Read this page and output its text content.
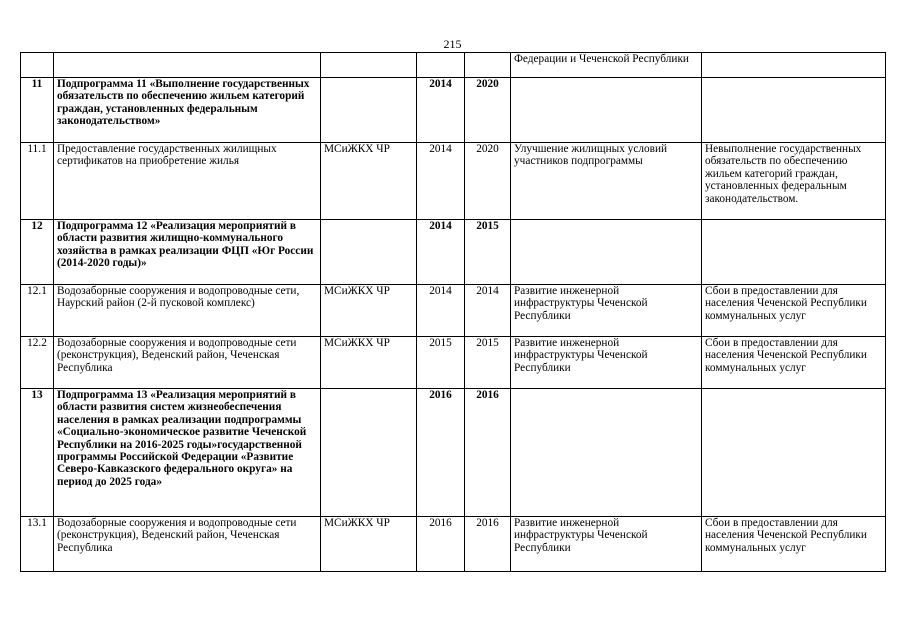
215
					Федерации и Чеченской Республики	
11	Подпрограмма 11 «Выполнение государственных обязательств по обеспечению жильем категорий граждан, установленных федеральным законодательством»		2014	2020		
11.1	Предоставление государственных жилищных сертификатов на приобретение жилья	МСиЖКХ ЧР	2014	2020	Улучшение жилищных условий участников подпрограммы	Невыполнение государственных обязательств по обеспечению жильем категорий граждан, установленных федеральным законодательством.
12	Подпрограмма 12 «Реализация мероприятий в области развития жилищно-коммунального хозяйства в рамках реализации ФЦП «Юг России (2014-2020 годы)»		2014	2015		
12.1	Водозаборные сооружения и водопроводные сети, Наурский район (2-й пусковой комплекс)	МСиЖКХ ЧР	2014	2014	Развитие инженерной инфраструктуры Чеченской Республики	Сбои в предоставлении для населения Чеченской Республики коммунальных услуг
12.2	Водозаборные сооружения и водопроводные сети (реконструкция), Веденский район, Чеченская Республика	МСиЖКХ ЧР	2015	2015	Развитие инженерной инфраструктуры Чеченской Республики	Сбои в предоставлении для населения Чеченской Республики коммунальных услуг
13	Подпрограмма 13 «Реализация мероприятий в области развития систем жизнеобеспечения населения в рамках реализации подпрограммы «Социально-экономическое развитие Чеченской Республики на 2016-2025 годы»государственной программы Российской Федерации «Развитие Северо-Кавказского федерального округа» на период до 2025 года»		2016	2016		
13.1	Водозаборные сооружения и водопроводные сети (реконструкция), Веденский район, Чеченская Республика	МСиЖКХ ЧР	2016	2016	Развитие инженерной инфраструктуры Чеченской Республики	Сбои в предоставлении для населения Чеченской Республики коммунальных услуг
